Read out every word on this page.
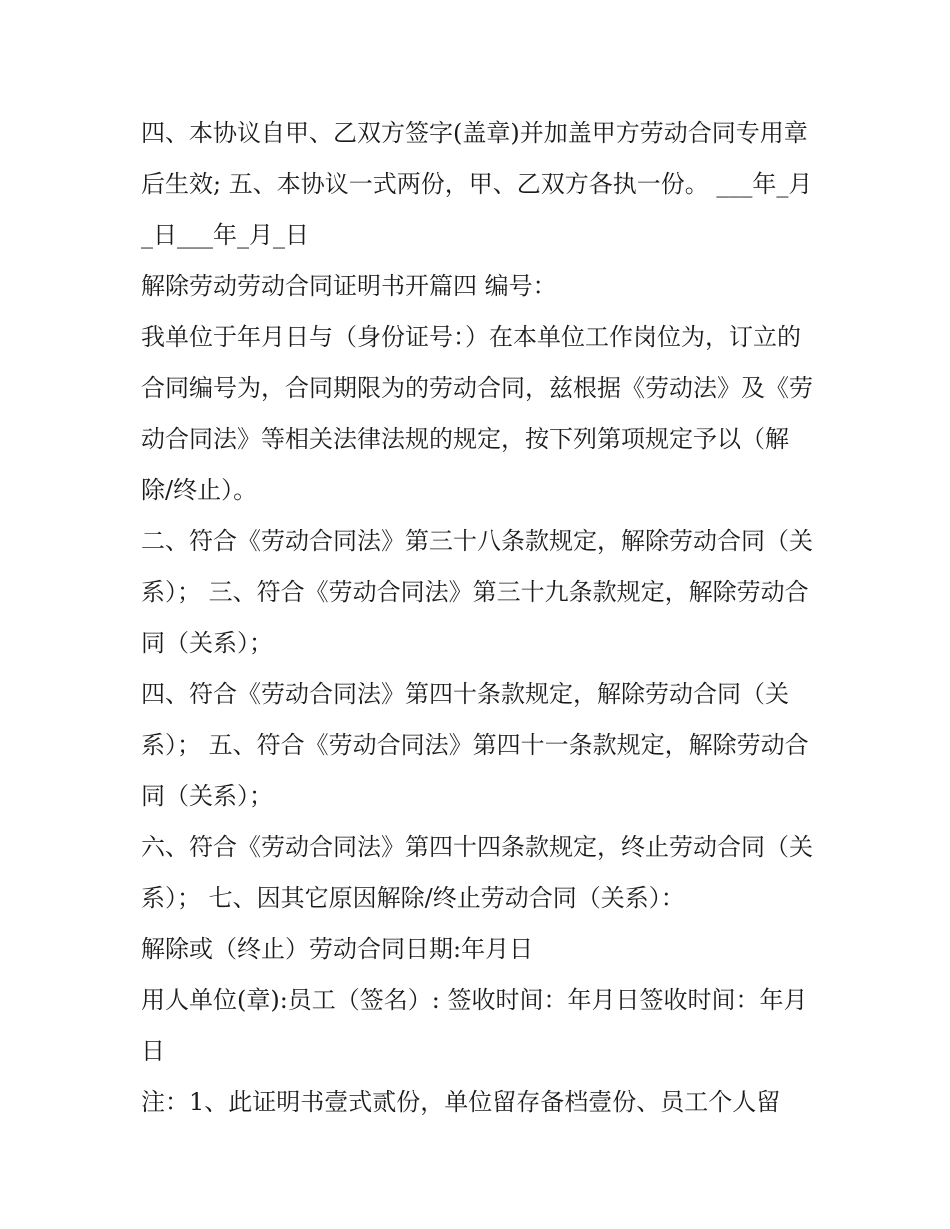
四、本协议自甲、乙双方签字(盖章)并加盖甲方劳动合同专用章后生效; 五、本协议一式两份，甲、乙双方各执一份。 ___年_月_日___年_月_日

解除劳动劳动合同证明书开篇四 编号：

我单位于年月日与（身份证号：）在本单位工作岗位为，订立的合同编号为，合同期限为的劳动合同，兹根据《劳动法》及《劳动合同法》等相关法律法规的规定，按下列第项规定予以（解除/终止）。

二、符合《劳动合同法》第三十八条款规定，解除劳动合同（关系）； 三、符合《劳动合同法》第三十九条款规定，解除劳动合同（关系）；

四、符合《劳动合同法》第四十条款规定，解除劳动合同（关系）； 五、符合《劳动合同法》第四十一条款规定，解除劳动合同（关系）；

六、符合《劳动合同法》第四十四条款规定，终止劳动合同（关系）； 七、因其它原因解除/终止劳动合同（关系）：

解除或（终止）劳动合同日期:年月日

用人单位(章):员工（签名）: 签收时间：年月日签收时间：年月日

注：1、此证明书壹式贰份，单位留存备档壹份、员工个人留
